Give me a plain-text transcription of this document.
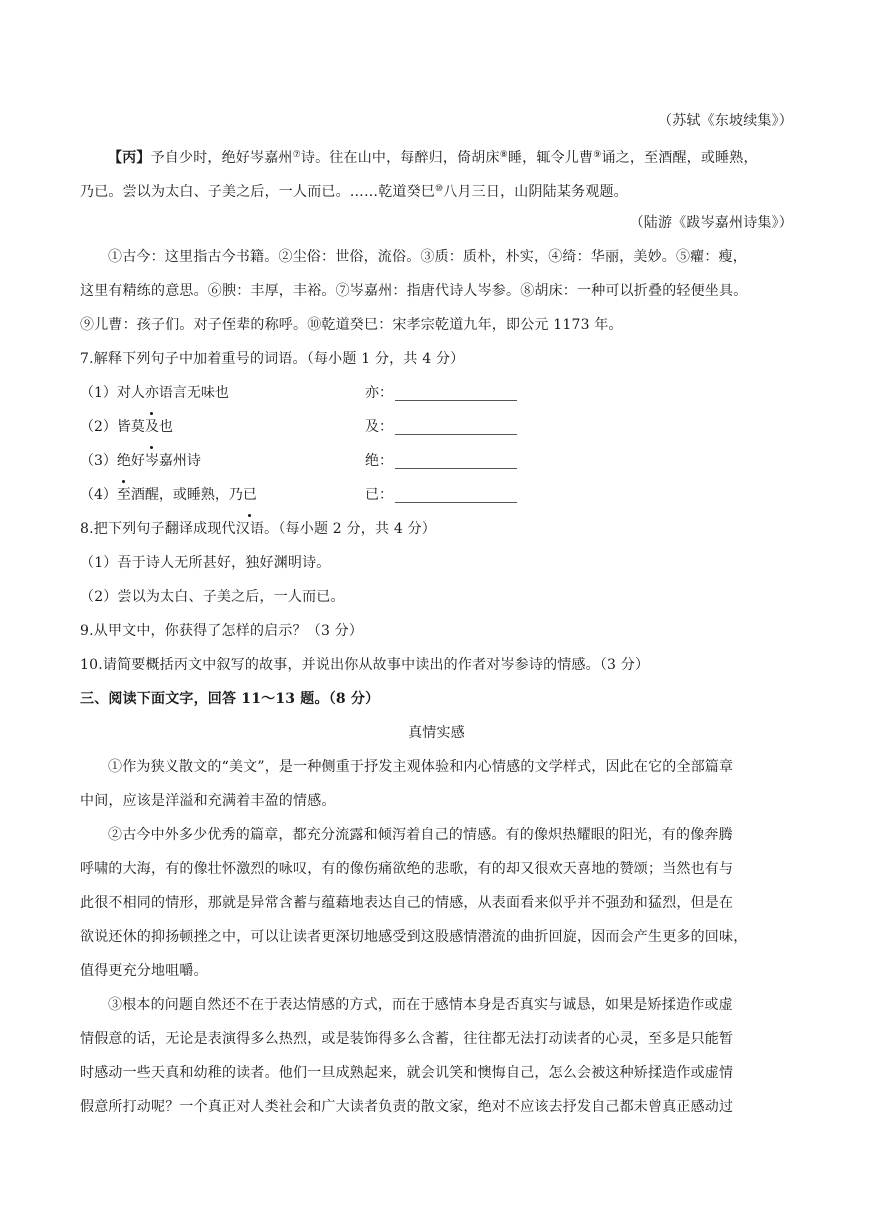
（苏轼《东坡续集》）
【丙】予自少时，绝好岑嘉州⑦诗。往在山中，每醉归，倚胡床⑧睡，辄令儿曹⑨诵之，至酒醒，或睡熟，
乃已。尝以为太白、子美之后，一人而已。……乾道癸巳⑩八月三日，山阴陆某务观题。
（陆游《跋岑嘉州诗集》）
①古今：这里指古今书籍。②尘俗：世俗，流俗。③质：质朴，朴实，④绮：华丽，美妙。⑤癯：瘦，
这里有精练的意思。⑥腴：丰厚，丰裕。⑦岑嘉州：指唐代诗人岑参。⑧胡床：一种可以折叠的轻便坐具。
⑨儿曹：孩子们。对子侄辈的称呼。⑩乾道癸巳：宋孝宗乾道九年，即公元 1173 年。
7.解释下列句子中加着重号的词语。（每小题 1 分，共 4 分）
（1）对人亦语言无味也	亦：
（2）皆莫及也	及：
（3）绝好岑嘉州诗	绝：
（4）至酒醒，或睡熟，乃已	已：
8.把下列句子翻译成现代汉语。（每小题 2 分，共 4 分）
（1）吾于诗人无所甚好，独好渊明诗。
（2）尝以为太白、子美之后，一人而已。
9.从甲文中，你获得了怎样的启示？（3 分）
10.请简要概括丙文中叙写的故事，并说出你从故事中读出的作者对岑参诗的情感。（3 分）
三、阅读下面文字，回答 11～13 题。（8 分）
真情实感
①作为狭义散文的“美文”，是一种侧重于抒发主观体验和内心情感的文学样式，因此在它的全部篇章
中间，应该是洋溢和充满着丰盈的情感。
②古今中外多少优秀的篇章，都充分流露和倾泻着自己的情感。有的像炽热耀眼的阳光，有的像奔腾
呼啸的大海，有的像壮怀激烈的咏叹，有的像伤痛欲绝的悲歌，有的却又很欢天喜地的赞颂；当然也有与
此很不相同的情形，那就是异常含蓄与蕴藉地表达自己的情感，从表面看来似乎并不强劲和猛烈，但是在
欲说还休的抑扬顿挫之中，可以让读者更深切地感受到这股感情潜流的曲折回旋，因而会产生更多的回味，
值得更充分地咀嚼。
③根本的问题自然还不在于表达情感的方式，而在于感情本身是否真实与诚恳，如果是矫揉造作或虚
情假意的话，无论是表演得多么热烈，或是装饰得多么含蓄，往往都无法打动读者的心灵，至多是只能暂
时感动一些天真和幼稚的读者。他们一旦成熟起来，就会讥笑和懊悔自己，怎么会被这种矫揉造作或虚情
假意所打动呢？一个真正对人类社会和广大读者负责的散文家，绝对不应该去抒发自己都未曾真正感动过
